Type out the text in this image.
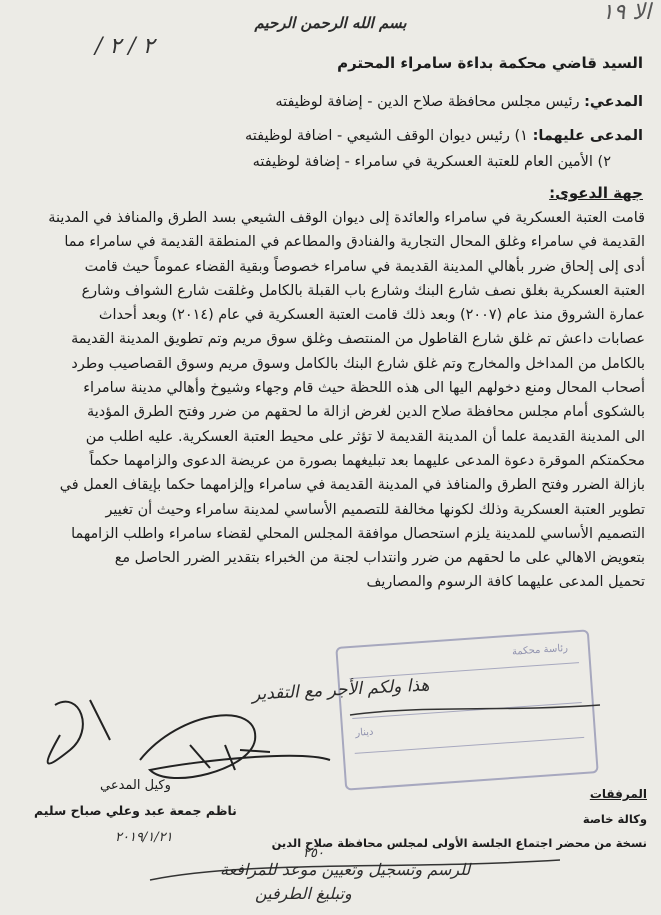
الا ١٩
٢ / ٢ /
بسم الله الرحمن الرحيم
السيد قاضي محكمة بداءة سامراء المحترم
المدعي: رئيس مجلس محافظة صلاح الدين - إضافة لوظيفته
المدعى عليهما: ١) رئيس ديوان الوقف الشيعي - اضافة لوظيفته
٢) الأمين العام للعتبة العسكرية في سامراء - إضافة لوظيفته
جهة الدعوى:

قامت العتبة العسكرية في سامراء والعائدة إلى ديوان الوقف الشيعي بسد الطرق والمنافذ في المدينة

القديمة في سامراء وغلق المحال التجارية والفنادق والمطاعم في المنطقة القديمة في سامراء مما

أدى إلى إلحاق ضرر بأهالي المدينة القديمة في سامراء خصوصاً وبقية القضاء عموماً حيث قامت

العتبة العسكرية بغلق نصف شارع البنك وشارع باب القبلة بالكامل وغلقت شارع الشواف وشارع

عمارة الشروق منذ عام (٢٠٠٧) وبعد ذلك قامت العتبة العسكرية في عام (٢٠١٤) وبعد أحداث

عصابات داعش تم غلق شارع القاطول من المنتصف وغلق سوق مريم وتم تطويق المدينة القديمة

بالكامل من المداخل والمخارج وتم غلق شارع البنك بالكامل وسوق مريم وسوق القصاصيب وطرد

أصحاب المحال ومنع دخولهم اليها الى هذه اللحظة حيث قام وجهاء وشيوخ وأهالي مدينة سامراء

بالشكوى أمام مجلس محافظة صلاح الدين لغرض ازالة ما لحقهم من ضرر وفتح الطرق المؤدية

الى المدينة القديمة علما أن المدينة القديمة لا تؤثر على محيط العتبة العسكرية. عليه اطلب من

محكمتكم الموقرة دعوة المدعى عليهما بعد تبليغهما بصورة من عريضة الدعوى والزامهما حكماً

بازالة الضرر وفتح الطرق والمنافذ في المدينة القديمة في سامراء وإلزامهما حكما بإيقاف العمل في

تطوير العتبة العسكرية وذلك لكونها مخالفة للتصميم الأساسي لمدينة سامراء وحيث أن تغيير

التصميم الأساسي للمدينة يلزم استحصال موافقة المجلس المحلي لقضاء سامراء واطلب الزامهما

بتعويض الاهالي على ما لحقهم من ضرر وانتداب لجنة من الخبراء بتقدير الضرر الحاصل مع

تحميل المدعى عليهما كافة الرسوم والمصاريف

رئاسة محكمة
دينار
هذا ولكم الأجر مع التقدير
المرفقات
وكالة خاصة
نسخة من محضر اجتماع الجلسة الأولى لمجلس محافظة صلاح الدين
وكيل المدعي
ناظم جمعة عبد وعلي صباح سليم
٢٠١٩/١/٢١
٢٥٠
للرسم وتسجيل وتعيين موعد للمرافعة
وتبليغ الطرفين
